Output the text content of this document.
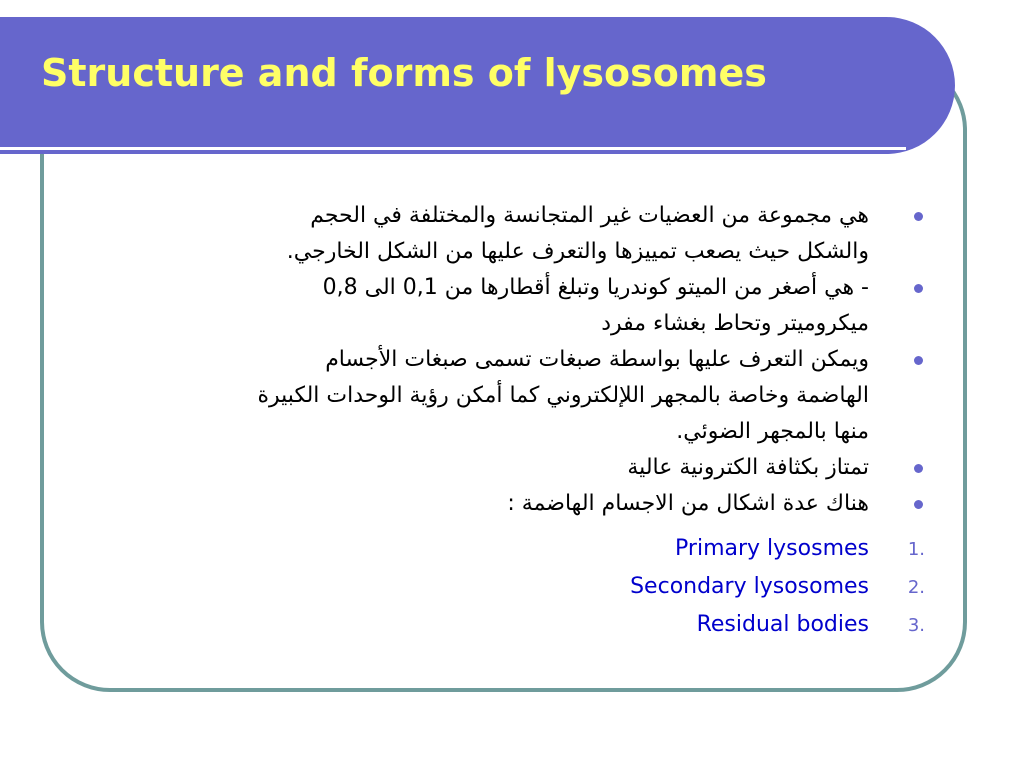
Structure and forms of lysosomes
هي مجموعة من العضيات غير المتجانسة والمختلفة في الحجم
والشكل حيث يصعب تمييزها والتعرف عليها من الشكل الخارجي.
- هي أصغر من الميتو كوندريا وتبلغ أقطارها من 0,1 الى 0,8
ميكروميتر وتحاط بغشاء مفرد
ويمكن التعرف عليها بواسطة صبغات تسمى صبغات الأجسام
الهاضمة وخاصة بالمجهر اللإلكتروني كما أمكن رؤية الوحدات الكبيرة
منها بالمجهر الضوئي.
تمتاز بكثافة الكترونية عالية
هناك عدة اشكال من الاجسام الهاضمة :
1.
Primary lysosmes
2.
Secondary lysosomes
3.
Residual bodies
